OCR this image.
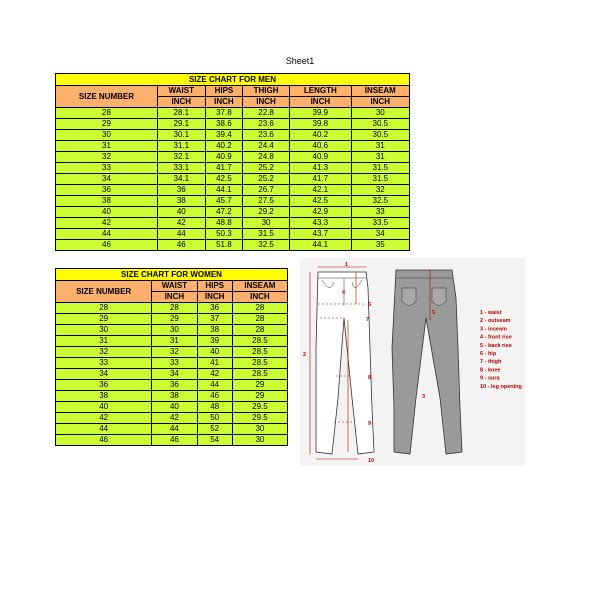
Sheet1
SIZE CHART FOR MEN					
SIZE NUMBER	WAIST	HIPS	THIGH	LENGTH	INSEAM
	INCH	INCH	INCH	INCH	INCH
28	28.1	37.8	22.8	39.9	30
29	29.1	38.6	23.6	39.8	30.5
30	30.1	39.4	23.6	40.2	30.5
31	31.1	40.2	24.4	40.6	31
32	32.1	40.9	24.8	40.9	31
33	33.1	41.7	25.2	41.3	31.5
34	34.1	42.5	25.2	41.7	31.5
36	36	44.1	26.7	42.1	32
38	38	45.7	27.5	42.5	32.5
40	40	47.2	29.2	42.9	33
42	42	48.8	30	43.3	33.5
44	44	50.3	31.5	43.7	34
46	46	51.8	32.5	44.1	35
SIZE CHART FOR WOMEN			
SIZE NUMBER	WAIST	HIPS	INSEAM
	INCH	INCH	INCH
28	28	36	28
29	29	37	28
30	30	38	28
31	31	39	28.5
32	32	40	28.5
33	33	41	28.5
34	34	42	28.5
36	36	44	29
38	38	46	29
40	40	48	29.5
42	42	50	29.5
44	44	52	30
46	46	54	30
1
2
3
4
5
6
7
8
9
10
1 - waist
2 - outseam
3 - inseam
4 - front rise
5 - back rise
6 - hip
7 - thigh
8 - knee
9 - sura
10 - leg opening
